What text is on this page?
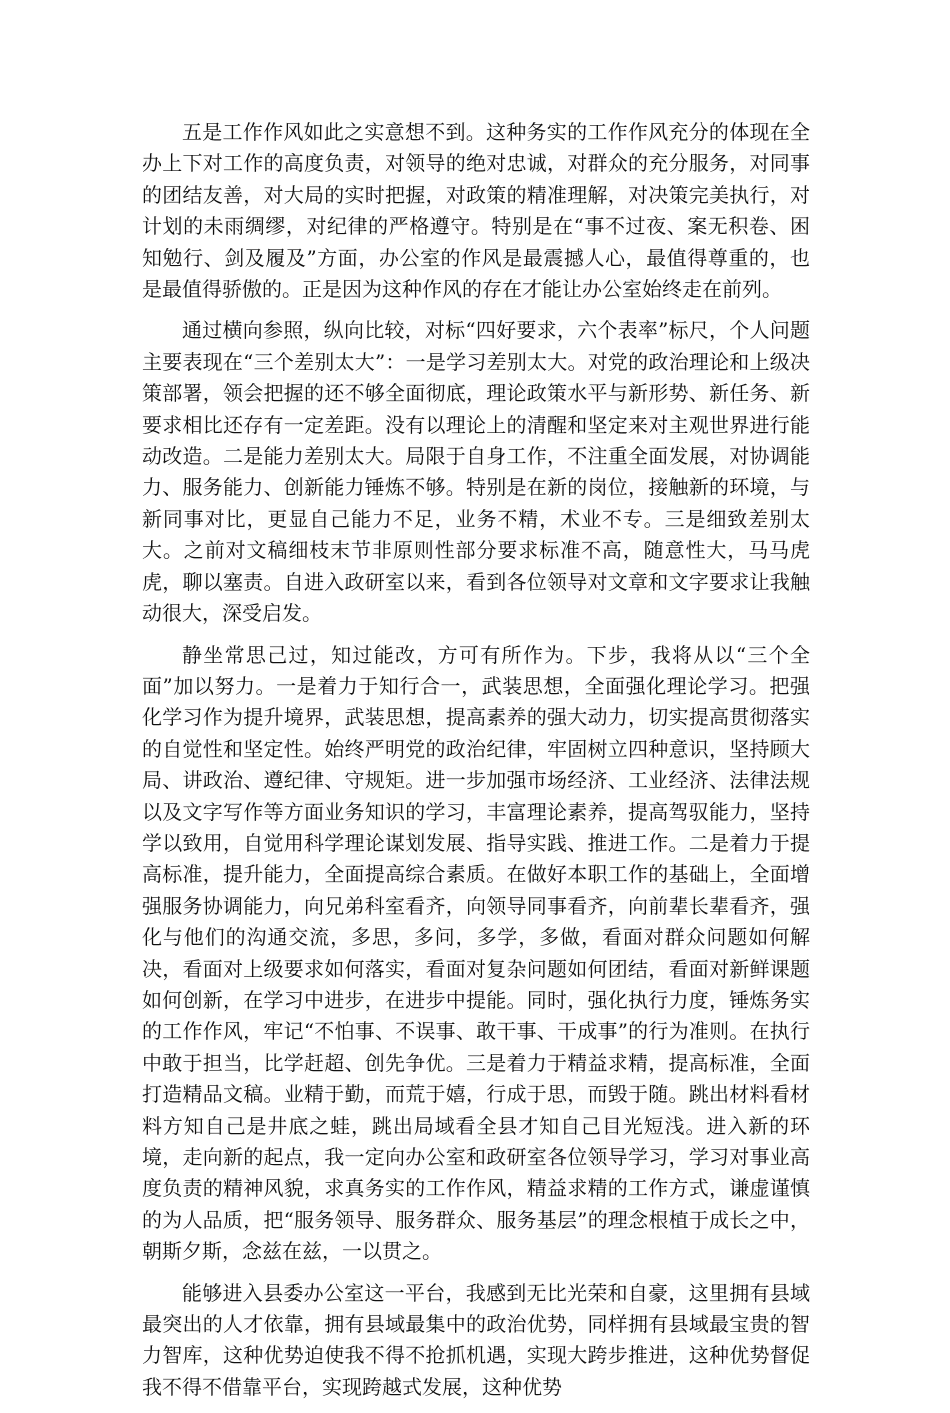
五是工作作风如此之实意想不到。这种务实的工作作风充分的体现在全办上下对工作的高度负责，对领导的绝对忠诚，对群众的充分服务，对同事的团结友善，对大局的实时把握，对政策的精准理解，对决策完美执行，对计划的未雨绸缪，对纪律的严格遵守。特别是在“事不过夜、案无积卷、困知勉行、剑及履及”方面，办公室的作风是最震撼人心，最值得尊重的，也是最值得骄傲的。正是因为这种作风的存在才能让办公室始终走在前列。

通过横向参照，纵向比较，对标“四好要求，六个表率”标尺，个人问题主要表现在“三个差别太大”：一是学习差别太大。对党的政治理论和上级决策部署，领会把握的还不够全面彻底，理论政策水平与新形势、新任务、新要求相比还存有一定差距。没有以理论上的清醒和坚定来对主观世界进行能动改造。二是能力差别太大。局限于自身工作，不注重全面发展，对协调能力、服务能力、创新能力锤炼不够。特别是在新的岗位，接触新的环境，与新同事对比，更显自己能力不足，业务不精，术业不专。三是细致差别太大。之前对文稿细枝末节非原则性部分要求标准不高，随意性大，马马虎虎，聊以塞责。自进入政研室以来，看到各位领导对文章和文字要求让我触动很大，深受启发。

静坐常思己过，知过能改，方可有所作为。下步，我将从以“三个全面”加以努力。一是着力于知行合一，武装思想，全面强化理论学习。把强化学习作为提升境界，武装思想，提高素养的强大动力，切实提高贯彻落实的自觉性和坚定性。始终严明党的政治纪律，牢固树立四种意识，坚持顾大局、讲政治、遵纪律、守规矩。进一步加强市场经济、工业经济、法律法规以及文字写作等方面业务知识的学习，丰富理论素养，提高驾驭能力，坚持学以致用，自觉用科学理论谋划发展、指导实践、推进工作。二是着力于提高标准，提升能力，全面提高综合素质。在做好本职工作的基础上，全面增强服务协调能力，向兄弟科室看齐，向领导同事看齐，向前辈长辈看齐，强化与他们的沟通交流，多思，多问，多学，多做，看面对群众问题如何解决，看面对上级要求如何落实，看面对复杂问题如何团结，看面对新鲜课题如何创新，在学习中进步，在进步中提能。同时，强化执行力度，锤炼务实的工作作风，牢记“不怕事、不误事、敢干事、干成事”的行为准则。在执行中敢于担当，比学赶超、创先争优。三是着力于精益求精，提高标准，全面打造精品文稿。业精于勤，而荒于嬉，行成于思，而毁于随。跳出材料看材料方知自己是井底之蛙，跳出局域看全县才知自己目光短浅。进入新的环境，走向新的起点，我一定向办公室和政研室各位领导学习，学习对事业高度负责的精神风貌，求真务实的工作作风，精益求精的工作方式，谦虚谨慎的为人品质，把“服务领导、服务群众、服务基层”的理念根植于成长之中，朝斯夕斯，念兹在兹，一以贯之。

能够进入县委办公室这一平台，我感到无比光荣和自豪，这里拥有县域最突出的人才依靠，拥有县域最集中的政治优势，同样拥有县域最宝贵的智力智库，这种优势迫使我不得不抢抓机遇，实现大跨步推进，这种优势督促我不得不借靠平台，实现跨越式发展，这种优势
